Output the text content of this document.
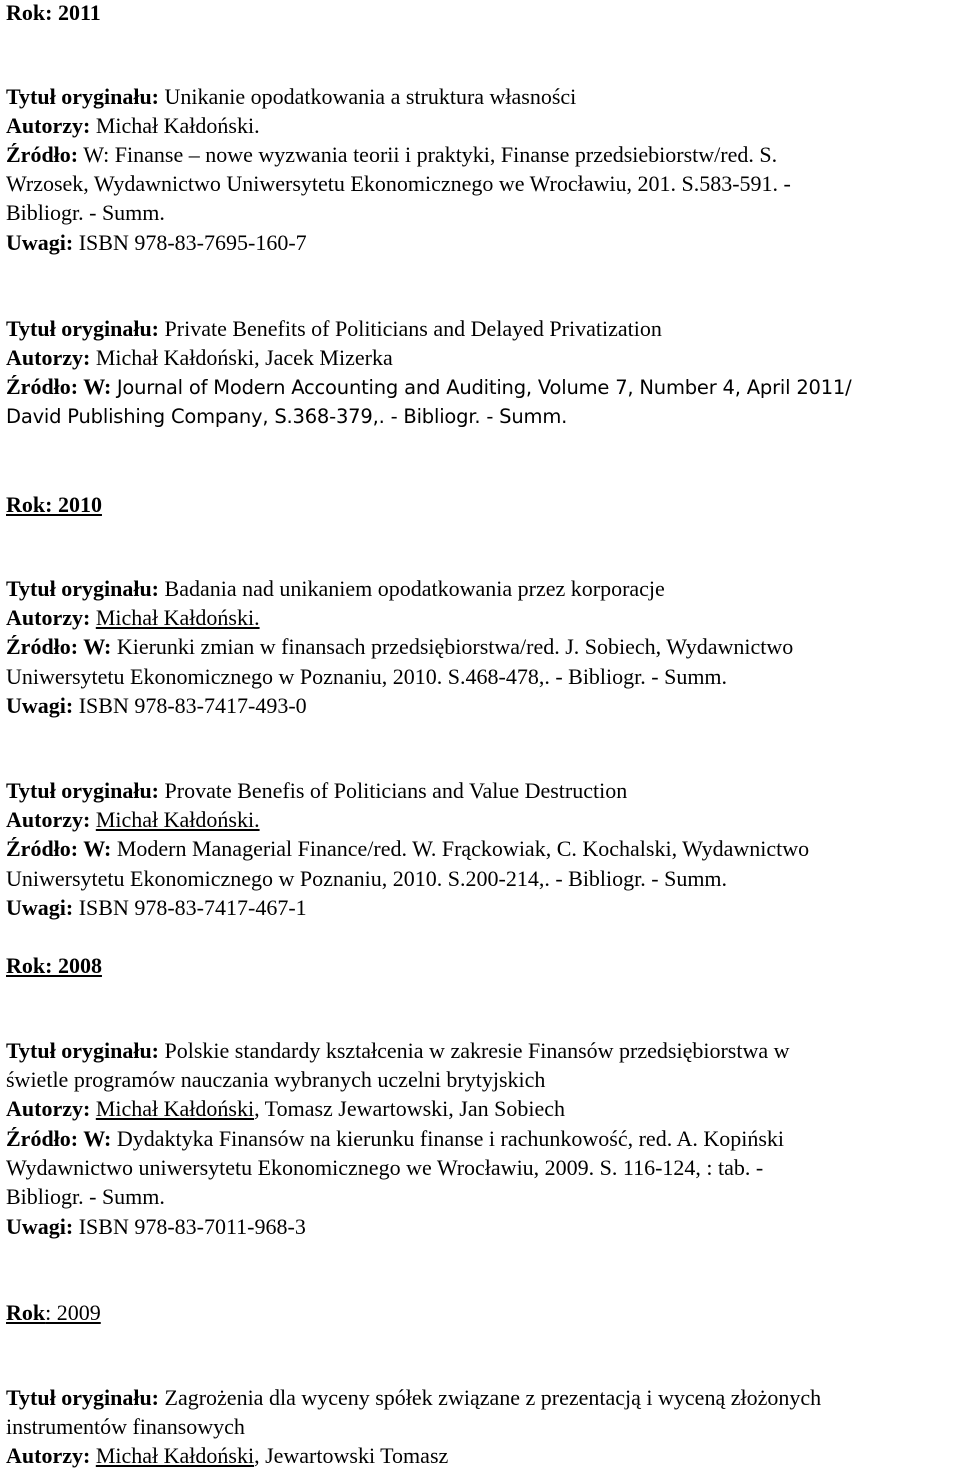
Rok: 2011
Tytuł oryginału: Unikanie opodatkowania a struktura własności
Autorzy: Michał Kałdoński.
Źródło: W: Finanse – nowe wyzwania teorii i praktyki, Finanse przedsiebiorstw/red. S.
Wrzosek, Wydawnictwo Uniwersytetu Ekonomicznego we Wrocławiu, 201. S.583-591. -
Bibliogr. - Summ.
Uwagi: ISBN 978-83-7695-160-7
Tytuł oryginału: Private Benefits of Politicians and Delayed Privatization
Autorzy: Michał Kałdoński, Jacek Mizerka
Źródło: W: Journal of Modern Accounting and Auditing, Volume 7, Number 4, April 2011/
David Publishing Company, S.368-379,. - Bibliogr. - Summ.
Rok: 2010
Tytuł oryginału: Badania nad unikaniem opodatkowania przez korporacje
Autorzy: Michał Kałdoński.
Źródło: W: Kierunki zmian w finansach przedsiębiorstwa/red. J. Sobiech, Wydawnictwo
Uniwersytetu Ekonomicznego w Poznaniu, 2010. S.468-478,. - Bibliogr. - Summ.
Uwagi: ISBN 978-83-7417-493-0
Tytuł oryginału: Provate Benefis of Politicians and Value Destruction
Autorzy: Michał Kałdoński.
Źródło: W: Modern Managerial Finance/red. W. Frąckowiak, C. Kochalski, Wydawnictwo
Uniwersytetu Ekonomicznego w Poznaniu, 2010. S.200-214,. - Bibliogr. - Summ.
Uwagi: ISBN 978-83-7417-467-1
Rok: 2008
Tytuł oryginału: Polskie standardy kształcenia w zakresie Finansów przedsiębiorstwa w
świetle programów nauczania wybranych uczelni brytyjskich
Autorzy: Michał Kałdoński, Tomasz Jewartowski, Jan Sobiech
Źródło: W: Dydaktyka Finansów na kierunku finanse i rachunkowość, red. A. Kopiński
Wydawnictwo uniwersytetu Ekonomicznego we Wrocławiu, 2009. S. 116-124, : tab. -
Bibliogr. - Summ.
Uwagi: ISBN 978-83-7011-968-3
Rok: 2009
Tytuł oryginału: Zagrożenia dla wyceny spółek związane z prezentacją i wyceną złożonych
instrumentów finansowych
Autorzy: Michał Kałdoński, Jewartowski Tomasz
